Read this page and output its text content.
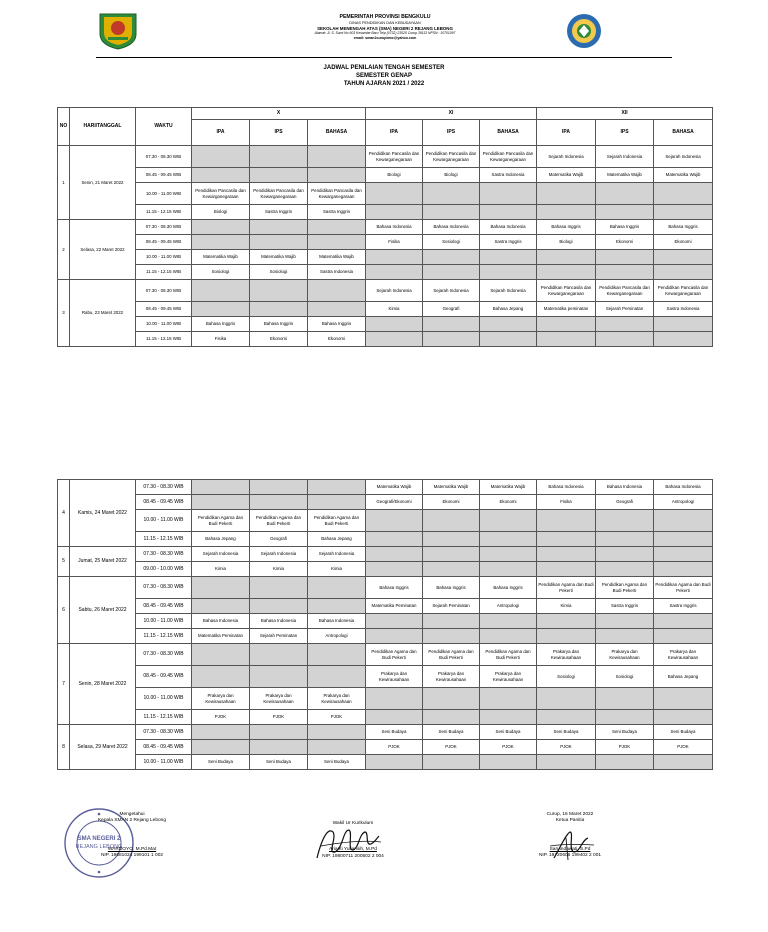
PEMERINTAH PROVINSI BENGKULU
DINAS PENDIDIKAN DAN KEBUDAYAAN
SEKOLAH MENENGAH ATAS (SMA) NEGERI 2 REJANG LEBONG
Alamat: Jl. S. Sumi No 603 Kesambe Baru Telp (0732) 23525 Curup 39113 NPSN : 10701097
email: sman2curupbmc@yahoo.com
JADWAL PENILAIAN TENGAH SEMESTER
SEMESTER GENAP
TAHUN AJARAN 2021 / 2022
NO	HARI/TANGGAL	WAKTU	X			XI			XII		
			IPA	IPS	BAHASA	IPA	IPS	BAHASA	IPA	IPS	BAHASA
1	Senin, 21 Maret 2022	07.30 - 08.30 WIB				Pendidikan Pancasila dan Kewarganegaraan	Pendidikan Pancasila dan Kewarganegaraan	Pendidikan Pancasila dan Kewarganegaraan	Sejarah Indonesia	Sejarah Indonesia	Sejarah Indonesia
		08.45 - 09.45 WIB				Biologi	Biologi	Sastra Indonesia	Matematika Wajib	Matematika Wajib	Matematika Wajib
		10.00 - 11.00 WIB	Pendidikan Pancasila dan Kewarganegaraan	Pendidikan Pancasila dan Kewarganegaraan	Pendidikan Pancasila dan Kewarganegaraan						
		11.15 - 12.15 WIB	Biologi	Sastra Inggris	Sastra Inggris						
2	Selasa, 22 Maret 2022	07.30 - 08.30 WIB				Bahasa Indonesia	Bahasa Indonesia	Bahasa Indonesia	Bahasa Inggris	Bahasa Inggris	Bahasa Inggris
		08.45 - 09.45 WIB				Fisika	Sosiologi	Sastra Inggris	Biologi	Ekonomi	Ekonomi
		10.00 - 11.00 WIB	Matematika Wajib	Matematika Wajib	Matematika Wajib						
		11.15 - 12.15 WIB	Sosiologi	Sosiologi	Sastra Indonesia						
3	Rabu, 23 Maret 2022	07.30 - 08.30 WIB				Sejarah Indonesia	Sejarah Indonesia	Sejarah Indonesia	Pendidikan Pancasila dan Kewarganegaraan	Pendidikan Pancasila dan Kewarganegaraan	Pendidikan Pancasila dan Kewarganegaraan
		08.45 - 09.45 WIB				Kimia	Geografi	Bahasa Jepang	Matematika peminatan	Sejarah Peminatan	Sastra Indonesia
		10.00 - 11.00 WIB	Bahasa Inggris	Bahasa Inggris	Bahasa Inggris						
		11.15 - 12.15 WIB	Fisika	Ekonomi	Ekonomi						
4	Kamis, 24 Maret 2022	07.30 - 08.30 WIB				Matematika Wajib	Matematika Wajib	Matematika Wajib	Bahasa Indonesia	Bahasa Indonesia	Bahasa Indonesia
		08.45 - 09.45 WIB				Geografi/Ekonomi	Ekonomi	Ekonomi	Fisika	Geografi	Antropologi
		10.00 - 11.00 WIB	Pendidikan Agama dan Budi Pekerti	Pendidikan Agama dan Budi Pekerti	Pendidikan Agama dan Budi Pekerti						
		11.15 - 12.15 WIB	Bahasa Jepang	Geografi	Bahasa Jepang						
5	Jumat, 25 Maret 2022	07.30 - 08.30 WIB	Sejarah Indonesia	Sejarah Indonesia	Sejarah Indonesia						
		09.00 - 10.00 WIB	Kimia	Kimia	Kimia						
6	Sabtu, 26 Maret 2022	07.30 - 08.30 WIB				Bahasa Inggris	Bahasa Inggris	Bahasa Inggris	Pendidikan Agama dan Budi Pekerti	Pendidikan Agama dan Budi Pekerti	Pendidikan Agama dan Budi Pekerti
		08.45 - 09.45 WIB				Matematika Peminatan	Sejarah Peminatan	Antropologi	Kimia	Sastra Inggris	Sastra Inggris
		10.00 - 11.00 WIB	Bahasa Indonesia	Bahasa Indonesia	Bahasa Indonesia						
		11.15 - 12.15 WIB	Matematika Peminatan	Sejarah Peminatan	Antropologi						
7	Senin, 28 Maret 2022	07.30 - 08.30 WIB				Pendidikan Agama dan Budi Pekerti	Pendidikan Agama dan Budi Pekerti	Pendidikan Agama dan Budi Pekerti	Prakarya dan Kewirausahaan	Prakarya dan Kewirausahaan	Prakarya dan Kewirausahaan
		08.45 - 09.45 WIB				Prakarya dan Kewirausahaan	Prakarya dan Kewirausahaan	Prakarya dan Kewirausahaan	Sosiologi	Sosiologi	Bahasa Jepang
		10.00 - 11.00 WIB	Prakarya dan Kewirausahaan	Prakarya dan Kewirausahaan	Prakarya dan Kewirausahaan						
		11.15 - 12.15 WIB	PJOK	PJOK	PJOK						
8	Selasa, 29 Maret 2022	07.30 - 08.30 WIB				Seni Budaya	Seni Budaya	Seni Budaya	Seni Budaya	Seni Budaya	Seni Budaya
		08.45 - 09.45 WIB				PJOK	PJOK	PJOK	PJOK	PJOK	PJOK
		10.00 - 11.00 WIB	Seni Budaya	Seni Budaya	Seni Budaya						
SMA NEGERI 2
REJANG LEBONG
Mengetahui
Kepala SMAN 2 Rejang Lebong
WARDOYO, M.Pd.Mat
NIP. 19681024 199101 1 002
Wakil Ur Kurikulum
Arianti Yuliansih, M.Pd
NIP. 19800711 200502 2 004
Curup, 16 Maret 2022
Ketua Panitia
Sari Indawati, S.Pd
NIP. 19720606 199402 2 001
